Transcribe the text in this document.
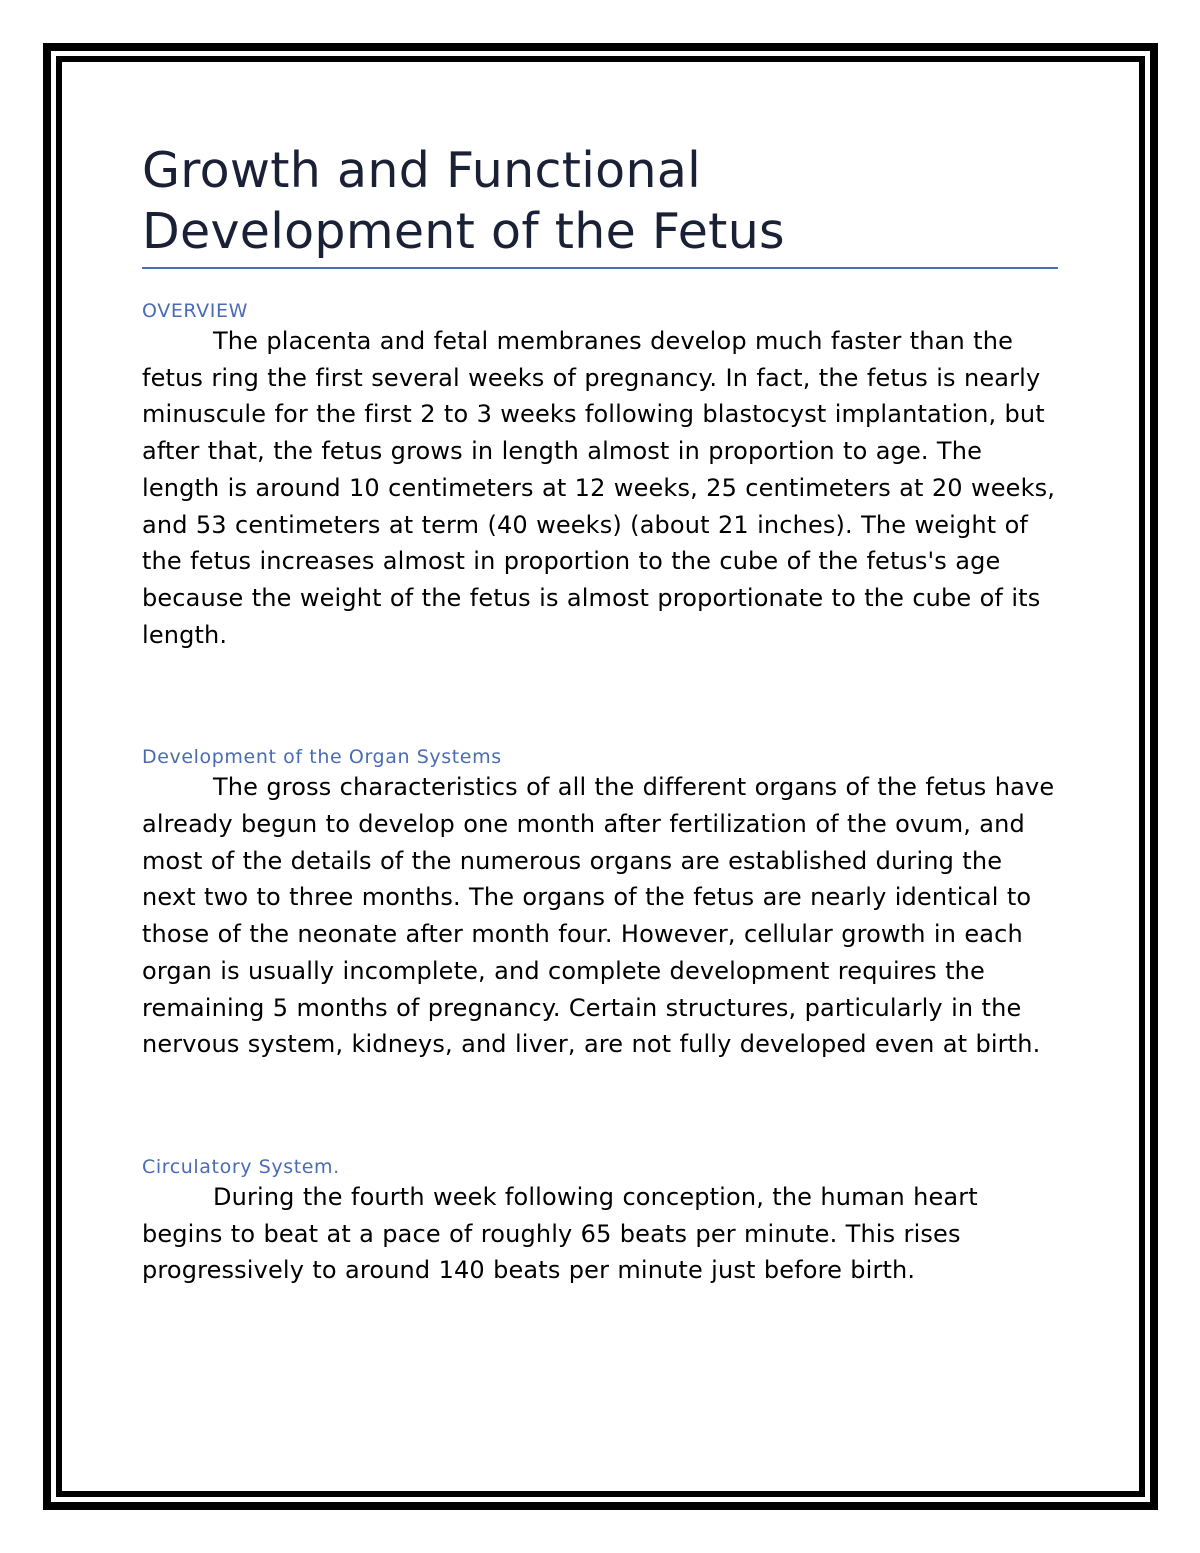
Growth and Functional
Development of the Fetus
OVERVIEW

The placenta and fetal membranes develop much faster than the fetus ring the first several weeks of pregnancy. In fact, the fetus is nearly minuscule for the first 2 to 3 weeks following blastocyst implantation, but after that, the fetus grows in length almost in proportion to age. The length is around 10 centimeters at 12 weeks, 25 centimeters at 20 weeks, and 53 centimeters at term (40 weeks) (about 21 inches). The weight of the fetus increases almost in proportion to the cube of the fetus's age because the weight of the fetus is almost proportionate to the cube of its length.

Development of the Organ Systems

The gross characteristics of all the different organs of the fetus have already begun to develop one month after fertilization of the ovum, and most of the details of the numerous organs are established during the next two to three months. The organs of the fetus are nearly identical to those of the neonate after month four. However, cellular growth in each organ is usually incomplete, and complete development requires the remaining 5 months of pregnancy. Certain structures, particularly in the nervous system, kidneys, and liver, are not fully developed even at birth.

Circulatory System.

During the fourth week following conception, the human heart begins to beat at a pace of roughly 65 beats per minute. This rises progressively to around 140 beats per minute just before birth.
